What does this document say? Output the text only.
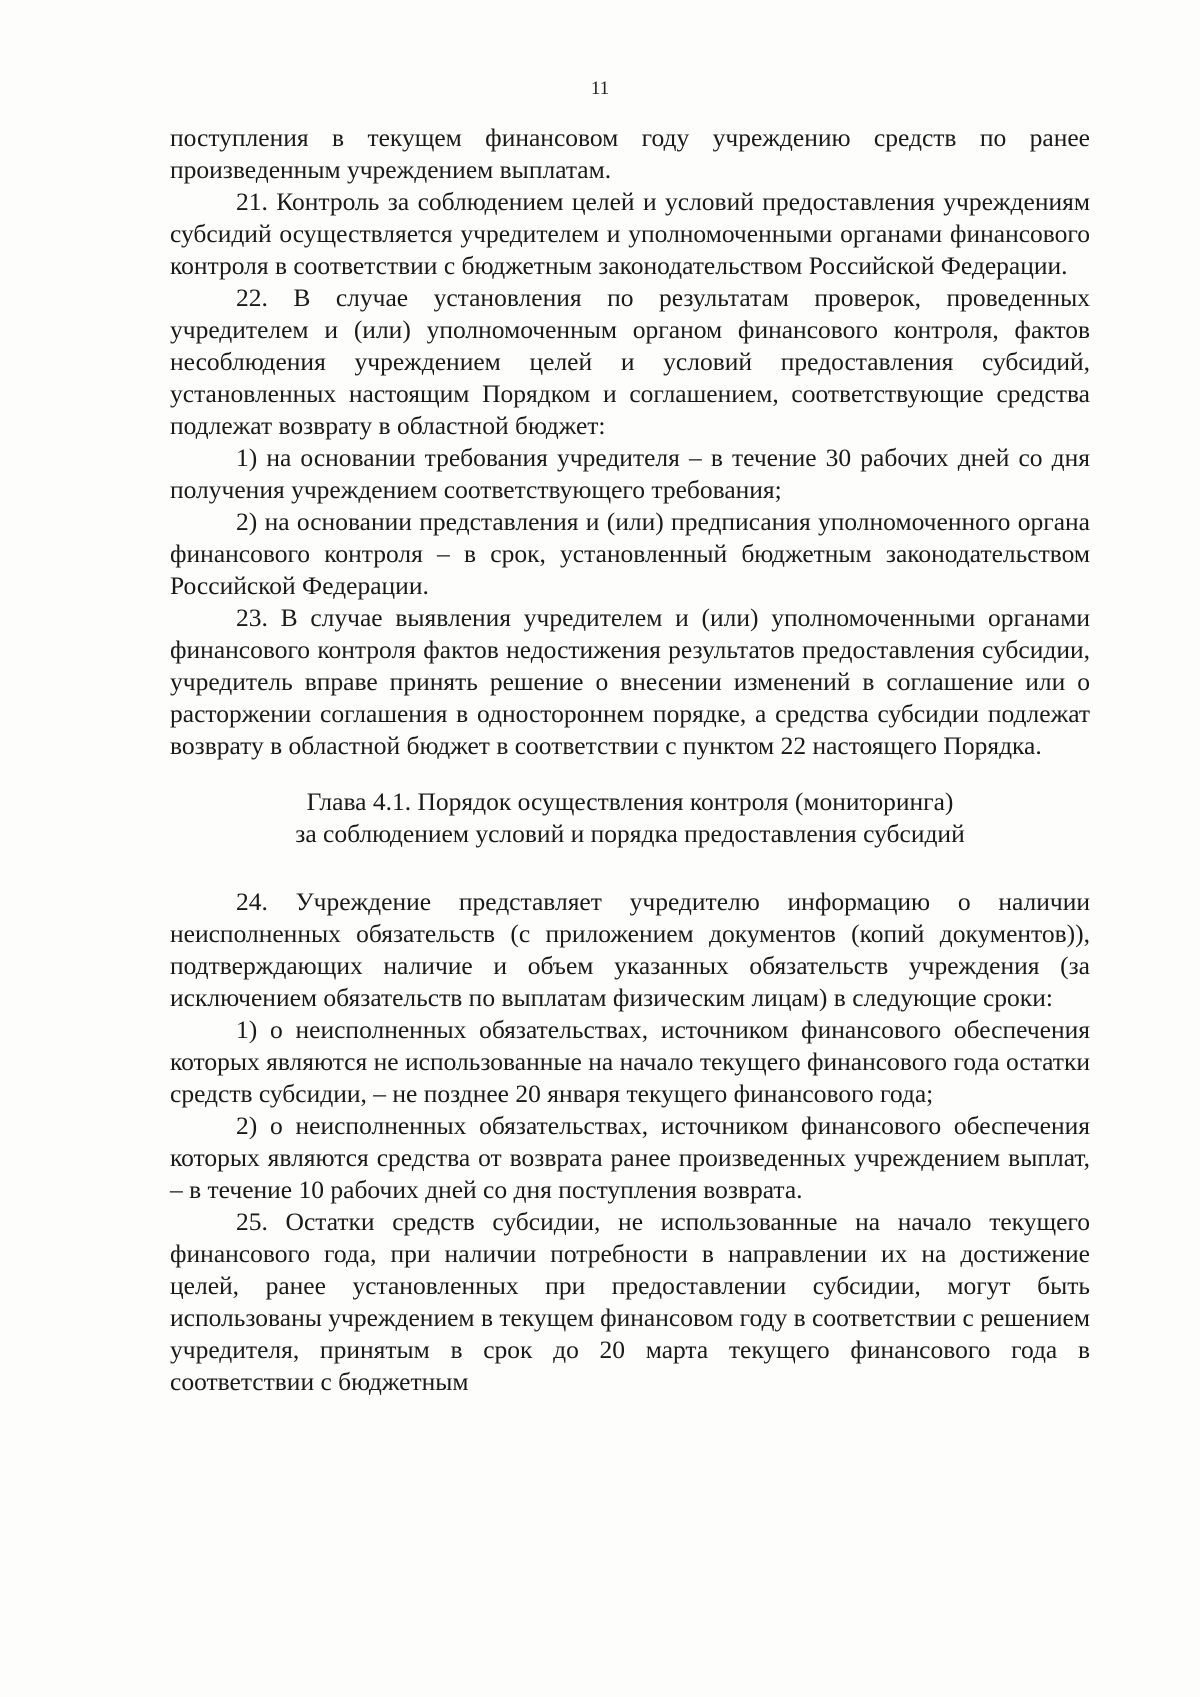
11

поступления в текущем финансовом году учреждению средств по ранее произведенным учреждением выплатам.

21. Контроль за соблюдением целей и условий предоставления учреждениям субсидий осуществляется учредителем и уполномоченными органами финансового контроля в соответствии с бюджетным законодательством Российской Федерации.

22. В случае установления по результатам проверок, проведенных учредителем и (или) уполномоченным органом финансового контроля, фактов несоблюдения учреждением целей и условий предоставления субсидий, установленных настоящим Порядком и соглашением, соответствующие средства подлежат возврату в областной бюджет:

1) на основании требования учредителя – в течение 30 рабочих дней со дня получения учреждением соответствующего требования;

2) на основании представления и (или) предписания уполномоченного органа финансового контроля – в срок, установленный бюджетным законодательством Российской Федерации.

23. В случае выявления учредителем и (или) уполномоченными органами финансового контроля фактов недостижения результатов предоставления субсидии, учредитель вправе принять решение о внесении изменений в соглашение или о расторжении соглашения в одностороннем порядке, а средства субсидии подлежат возврату в областной бюджет в соответствии с пунктом 22 настоящего Порядка.

Глава 4.1. Порядок осуществления контроля (мониторинга)
за соблюдением условий и порядка предоставления субсидий

24. Учреждение представляет учредителю информацию о наличии неисполненных обязательств (с приложением документов (копий документов)), подтверждающих наличие и объем указанных обязательств учреждения (за исключением обязательств по выплатам физическим лицам) в следующие сроки:

1) о неисполненных обязательствах, источником финансового обеспечения которых являются не использованные на начало текущего финансового года остатки средств субсидии, – не позднее 20 января текущего финансового года;

2) о неисполненных обязательствах, источником финансового обеспечения которых являются средства от возврата ранее произведенных учреждением выплат, – в течение 10 рабочих дней со дня поступления возврата.

25. Остатки средств субсидии, не использованные на начало текущего финансового года, при наличии потребности в направлении их на достижение целей, ранее установленных при предоставлении субсидии, могут быть использованы учреждением в текущем финансовом году в соответствии с решением учредителя, принятым в срок до 20 марта текущего финансового года в соответствии с бюджетным
